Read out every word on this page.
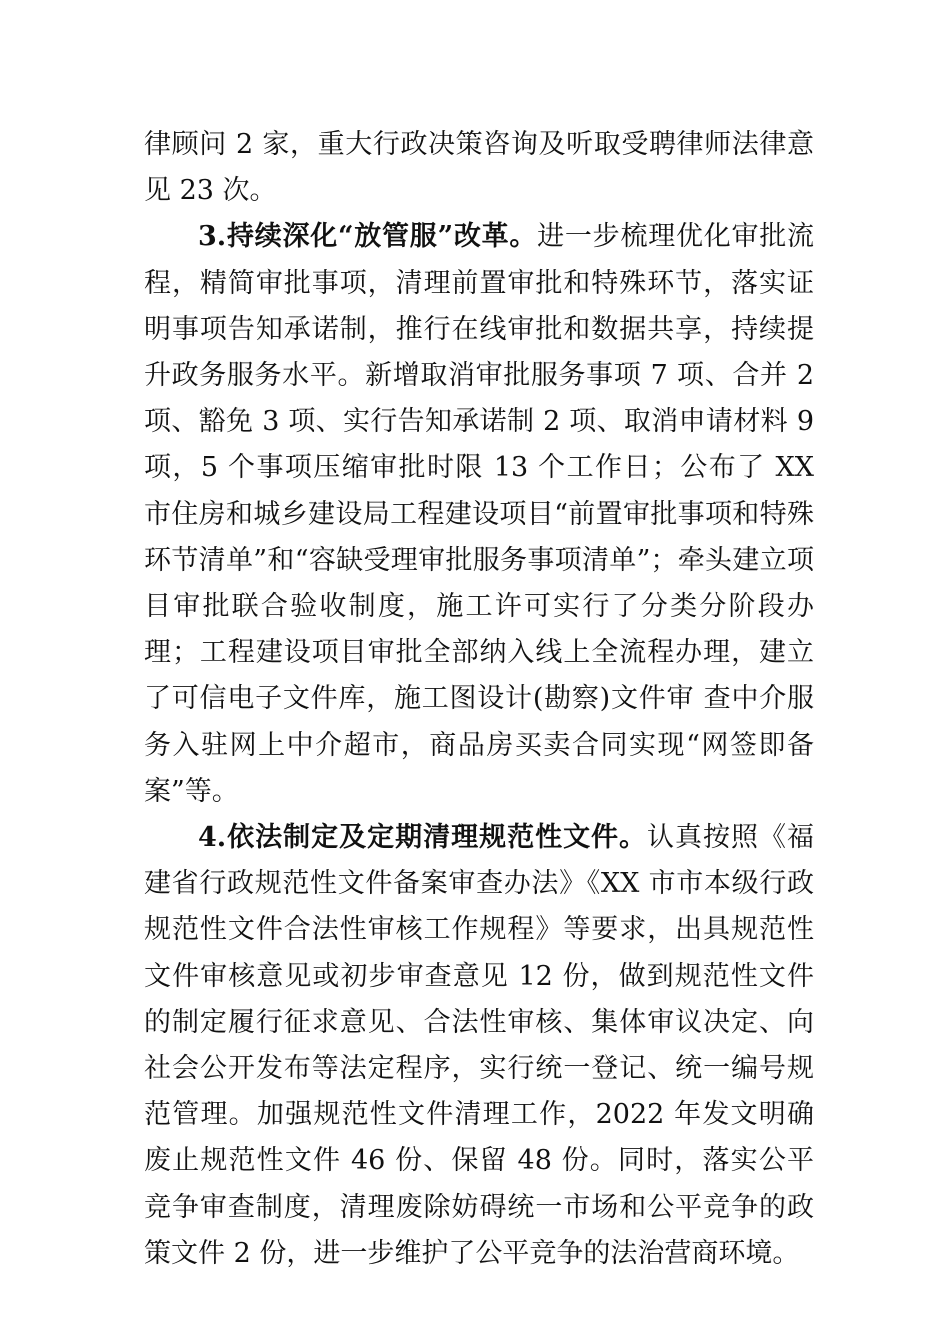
律顾问 2 家，重大行政决策咨询及听取受聘律师法律意见 23 次。

3.持续深化“放管服”改革。进一步梳理优化审批流程，精简审批事项，清理前置审批和特殊环节，落实证明事项告知承诺制，推行在线审批和数据共享，持续提升政务服务水平。新增取消审批服务事项 7 项、合并 2 项、豁免 3 项、实行告知承诺制 2 项、取消申请材料 9 项，5 个事项压缩审批时限 13 个工作日；公布了 XX 市住房和城乡建设局工程建设项目“前置审批事项和特殊环节清单”和“容缺受理审批服务事项清单”；牵头建立项目审批联合验收制度，施工许可实行了分类分阶段办理；工程建设项目审批全部纳入线上全流程办理，建立了可信电子文件库，施工图设计(勘察)文件审 查中介服务入驻网上中介超市，商品房买卖合同实现“网签即备案”等。

4.依法制定及定期清理规范性文件。认真按照《福建省行政规范性文件备案审查办法》《XX 市市本级行政规范性文件合法性审核工作规程》等要求，出具规范性文件审核意见或初步审查意见 12 份，做到规范性文件的制定履行征求意见、合法性审核、集体审议决定、向社会公开发布等法定程序，实行统一登记、统一编号规范管理。加强规范性文件清理工作，2022 年发文明确废止规范性文件 46 份、保留 48 份。同时，落实公平竞争审查制度，清理废除妨碍统一市场和公平竞争的政策文件 2 份，进一步维护了公平竞争的法治营商环境。
